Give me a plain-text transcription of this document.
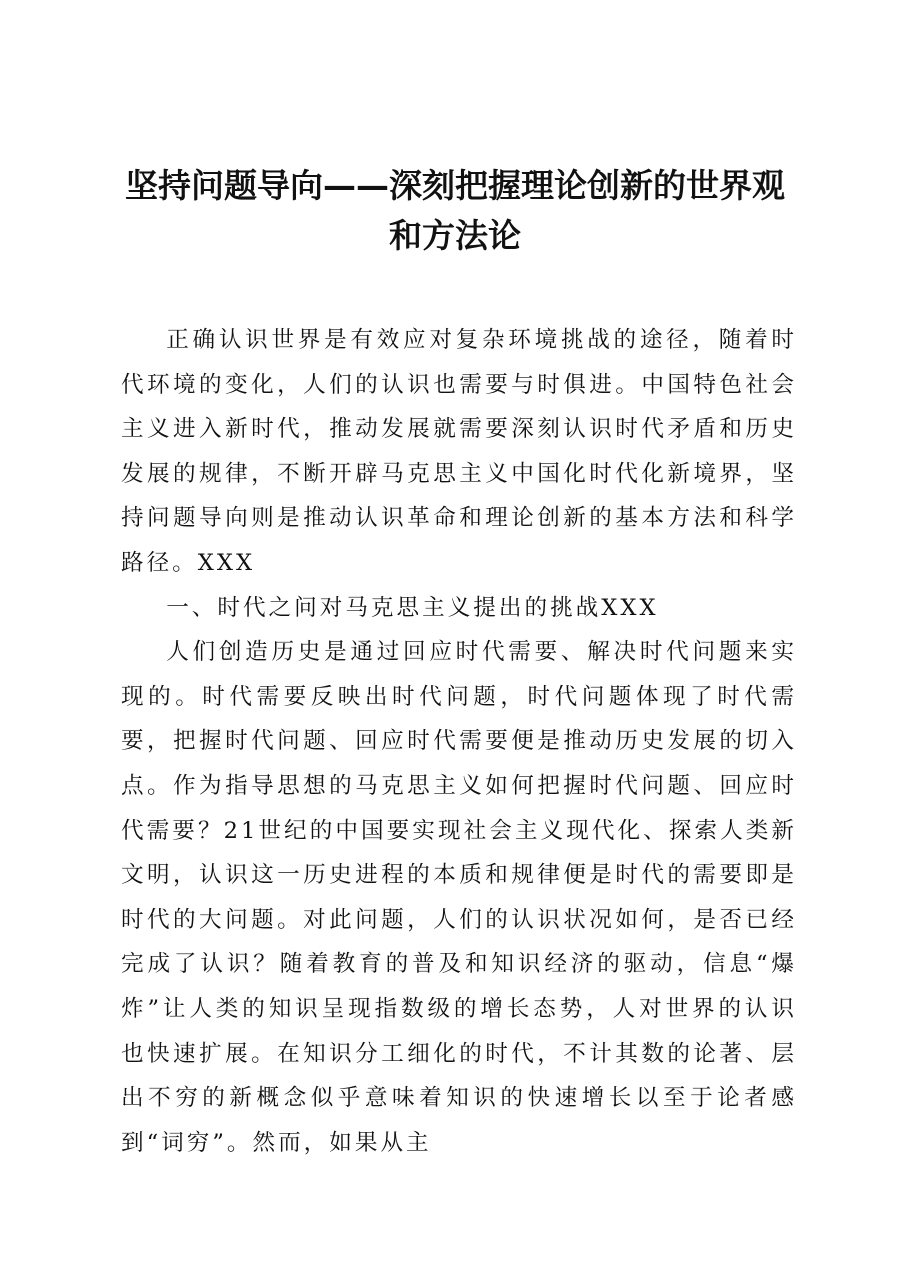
坚持问题导向——深刻把握理论创新的世界观
和方法论

正确认识世界是有效应对复杂环境挑战的途径，随着时代环境的变化，人们的认识也需要与时俱进。中国特色社会主义进入新时代，推动发展就需要深刻认识时代矛盾和历史发展的规律，不断开辟马克思主义中国化时代化新境界，坚持问题导向则是推动认识革命和理论创新的基本方法和科学路径。XXX

一、时代之问对马克思主义提出的挑战XXX

人们创造历史是通过回应时代需要、解决时代问题来实现的。时代需要反映出时代问题，时代问题体现了时代需要，把握时代问题、回应时代需要便是推动历史发展的切入点。作为指导思想的马克思主义如何把握时代问题、回应时代需要？21世纪的中国要实现社会主义现代化、探索人类新文明，认识这一历史进程的本质和规律便是时代的需要即是时代的大问题。对此问题，人们的认识状况如何，是否已经完成了认识？随着教育的普及和知识经济的驱动，信息“爆炸”让人类的知识呈现指数级的增长态势，人对世界的认识也快速扩展。在知识分工细化的时代，不计其数的论著、层出不穷的新概念似乎意味着知识的快速增长以至于论者感到“词穷”。然而，如果从主
